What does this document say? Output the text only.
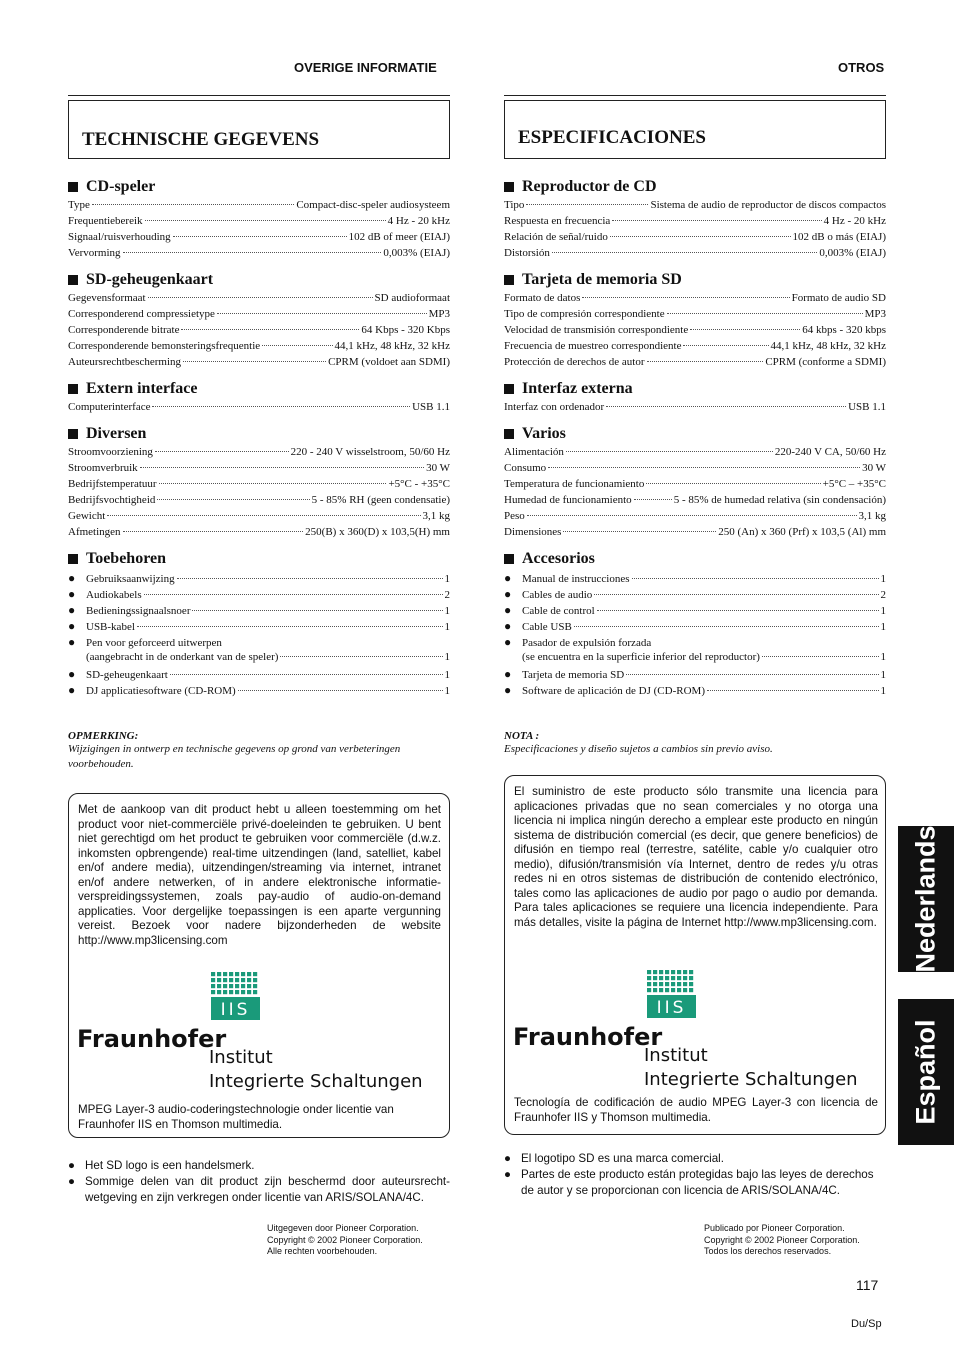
OVERIGE INFORMATIE	OTROS
TECHNISCHE GEGEVENS
CD-speler
Type	Compact-disc-speler audiosysteem
Frequentiebereik	4 Hz - 20 kHz
Signaal/ruisverhouding	102 dB of meer (EIAJ)
Vervorming	0,003% (EIAJ)
SD-geheugenkaart
Gegevensformaat	SD audioformaat
Corresponderend compressietype	MP3
Corresponderende bitrate	64 Kbps - 320 Kbps
Corresponderende bemonsteringsfrequentie	44,1 kHz, 48 kHz, 32 kHz
Auteursrechtbescherming	CPRM (voldoet aan SDMI)
Extern interface
Computerinterface	USB 1.1
Diversen
Stroomvoorziening	220 - 240 V wisselstroom, 50/60 Hz
Stroomverbruik	30 W
Bedrijfstemperatuur	+5°C - +35°C
Bedrijfsvochtigheid	5 - 85% RH (geen condensatie)
Gewicht	3,1 kg
Afmetingen	250(B) x 360(D) x 103,5(H) mm
Toebehoren
● Gebruiksaanwijzing	1
● Audiokabels	2
● Bedieningssignaalsnoer	1
● USB-kabel	1
● Pen voor geforceerd uitwerpen
(aangebracht in de onderkant van de speler)	1
● SD-geheugenkaart	1
● DJ applicatiesoftware (CD-ROM)	1
ESPECIFICACIONES
Reproductor de CD
Tipo	Sistema de audio de reproductor de discos compactos
Respuesta en frecuencia	4 Hz - 20 kHz
Relación de señal/ruido	102 dB o más (EIAJ)
Distorsión	0,003% (EIAJ)
Tarjeta de memoria SD
Formato de datos	Formato de audio SD
Tipo de compresión correspondiente	MP3
Velocidad de transmisión correspondiente	64 kbps - 320 kbps
Frecuencia de muestreo correspondiente	44,1 kHz, 48 kHz, 32 kHz
Protección de derechos de autor	CPRM (conforme a SDMI)
Interfaz externa
Interfaz con ordenador	USB 1.1
Varios
Alimentación	220-240 V CA, 50/60 Hz
Consumo	30 W
Temperatura de funcionamiento	+5°C – +35°C
Humedad de funcionamiento	5 - 85% de humedad relativa (sin condensación)
Peso	3,1 kg
Dimensiones	250 (An) x 360 (Prf) x 103,5 (Al) mm
Accesorios
● Manual de instrucciones	1
● Cables de audio	2
● Cable de control	1
● Cable USB	1
● Pasador de expulsión forzada
(se encuentra en la superficie inferior del reproductor)	1
● Tarjeta de memoria SD	1
● Software de aplicación de DJ (CD-ROM)	1
OPMERKING:
Wijzigingen in ontwerp en technische gegevens op grond van verbeteringen voorbehouden.
NOTA :
Especificaciones y diseño sujetos a cambios sin previo aviso.

Met de aankoop van dit product hebt u alleen toestemming om het product voor niet-commerciële privé-doeleinden te gebruiken. U bent niet gerechtigd om het product te gebruiken voor commerciële (d.w.z. inkomsten opbrengende) real-time uitzendingen (land, satelliet, kabel en/of andere media), uitzendingen/streaming via internet, intranet en/of andere netwerken, of in andere elektronische informatie-verspreidingssystemen, zoals pay-audio of audio-on-demand applicaties. Voor dergelijke toepassingen is een aparte vergunning vereist. Bezoek voor nadere bijzonderheden de website http://www.mp3licensing.com

IIS
Fraunhofer
Institut
Integrierte Schaltungen

MPEG Layer-3 audio-coderingstechnologie onder licentie van Fraunhofer IIS en Thomson multimedia.

El suministro de este producto sólo transmite una licencia para aplicaciones privadas que no sean comerciales y no otorga una licencia ni implica ningún derecho a emplear este producto en ningún sistema de distribución comercial (es decir, que genere beneficios) de difusión en tiempo real (terrestre, satélite, cable y/o cualquier otro medio), difusión/transmisión vía Internet, dentro de redes y/u otras redes ni en otros sistemas de distribución de contenido electrónico, tales como las aplicaciones de audio por pago o audio por demanda. Para tales aplicaciones se requiere una licencia independiente. Para más detalles, visite la página de Internet http://www.mp3licensing.com.

IIS
Fraunhofer
Institut
Integrierte Schaltungen

Tecnología de codificación de audio MPEG Layer-3 con licencia de Fraunhofer IIS y Thomson multimedia.

● Het SD logo is een handelsmerk.
● Sommige delen van dit product zijn beschermd door auteursrecht-wetgeving en zijn verkregen onder licentie van ARIS/SOLANA/4C.
● El logotipo SD es una marca comercial.
● Partes de este producto están protegidas bajo las leyes de derechos de autor y se proporcionan con licencia de ARIS/SOLANA/4C.
Uitgegeven door Pioneer Corporation.
Copyright © 2002 Pioneer Corporation.
Alle rechten voorbehouden.
Publicado por Pioneer Corporation.
Copyright © 2002 Pioneer Corporation.
Todos los derechos reservados.
117
Du/Sp
Nederlands
Español
